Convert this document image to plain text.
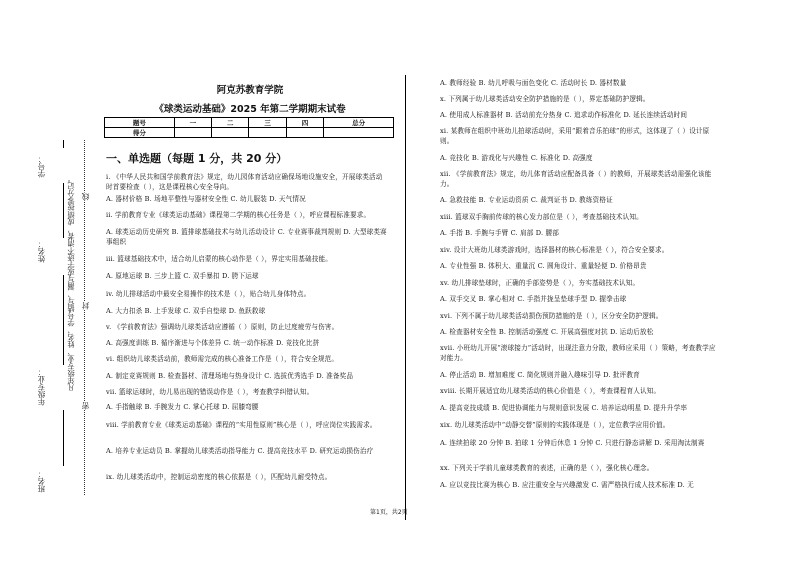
阿克苏教育学院
《球类运动基础》2025 年第二学期期末试卷
题号	一	二	三	四	总分
得分					
一、单选题（每题 1 分，共 20 分）
i. 《中华人民共和国学前教育法》规定，幼儿园体育活动应确保场地设施安全，开展球类活动时首要检查（ ），这是课程核心安全导向。
A. 器材价格 B. 场地平整性与器材安全性 C. 幼儿服装 D. 天气情况
ii. 学前教育专业《球类运动基础》课程第二学期的核心任务是（ ），呼应课程标准要求。
A. 球类运动历史研究 B. 篮排球基础技术与幼儿活动设计 C. 专业赛事裁判规则 D. 大型球类赛事组织
iii. 篮球基础技术中，适合幼儿启蒙的核心动作是（ ），界定实用基础技能。
A. 原地运球 B. 三步上篮 C. 双手暴扣 D. 胯下运球
iv. 幼儿排球活动中最安全易操作的技术是（ ），贴合幼儿身体特点。
A. 大力扣杀 B. 上手发球 C. 双手自垫球 D. 鱼跃救球
v. 《学前教育法》强调幼儿球类活动应遵循（ ）原则，防止过度疲劳与伤害。
A. 高强度训练 B. 循序渐进与个体差异 C. 统一动作标准 D. 竞技化比拼
vi. 组织幼儿球类活动前，教师需完成的核心准备工作是（ ），符合安全规范。
A. 制定竞赛规则 B. 检查器材、清理场地与热身设计 C. 选拔优秀选手 D. 准备奖品
vii. 篮球运球时，幼儿易出现的错误动作是（ ），考查教学纠错认知。
A. 手指触球 B. 手腕发力 C. 掌心托球 D. 屈膝弯腰
viii. 学前教育专业《球类运动基础》课程的“实用性原则”核心是（ ），呼应岗位实践需求。
A. 培养专业运动员 B. 掌握幼儿球类活动指导能力 C. 提高竞技水平 D. 研究运动损伤治疗
ix. 幼儿球类活动中，控制运动密度的核心依据是（ ），匹配幼儿耐受特点。
A. 教师经验 B. 幼儿呼吸与面色变化 C. 活动时长 D. 器材数量
x. 下列属于幼儿球类活动安全防护措施的是（ ），界定基础防护逻辑。
A. 使用成人标准器材 B. 活动前充分热身 C. 追求动作标准化 D. 延长连续活动时间
xi. 某教师在组织中班幼儿拍球活动时，采用“跟着音乐拍球”的形式，这体现了（ ）设计原则。
A. 竞技化 B. 游戏化与兴趣性 C. 标准化 D. 高强度
xii. 《学前教育法》规定，幼儿体育活动应配备具备（ ）的教师，开展球类活动需强化该能力。
A. 急救技能 B. 专业运动资质 C. 裁判证书 D. 教练资格证
xiii. 篮球双手胸前传球的核心发力部位是（ ），考查基础技术认知。
A. 手指 B. 手腕与手臂 C. 肩部 D. 腰部
xiv. 设计大班幼儿球类游戏时，选择器材的核心标准是（ ），符合安全要求。
A. 专业性强 B. 体积大、重量沉 C. 圆角设计、重量轻便 D. 价格昂贵
xv. 幼儿排球垫球时，正确的手部姿势是（ ），夯实基础技术认知。
A. 双手交叉 B. 掌心相对 C. 手指并拢呈垫球手型 D. 握拳击球
xvi. 下列不属于幼儿球类活动损伤预防措施的是（ ），区分安全防护逻辑。
A. 检查器材安全性 B. 控制活动强度 C. 开展高强度对抗 D. 运动后放松
xvii. 小班幼儿开展“滚球接力”活动时，出现注意力分散，教师应采用（ ）策略，考查教学应对能力。
A. 停止活动 B. 增加难度 C. 简化规则并融入趣味引导 D. 批评教育
xviii. 长期开展适宜幼儿球类活动的核心价值是（ ），考查课程育人认知。
A. 提高竞技成绩 B. 促进协调能力与规则意识发展 C. 培养运动明星 D. 提升升学率
xix. 幼儿球类活动中“动静交替”原则的实践体现是（ ），定位教学应用价值。
A. 连续拍球 20 分钟 B. 拍球 1 分钟后休息 1 分钟 C. 只进行静态讲解 D. 采用淘汰制赛
xx. 下列关于学前儿童球类教育的表述，正确的是（ ），强化核心理念。
A. 应以竞技比赛为核心 B. 应注重安全与兴趣激发 C. 需严格执行成人技术标准 D. 无
学号：
姓名：
年级专业：
班名：
凡年级专业、姓名、学号错写、漏写或字迹不清者，成绩按零分记。
密
封
线
第1页，共2页
